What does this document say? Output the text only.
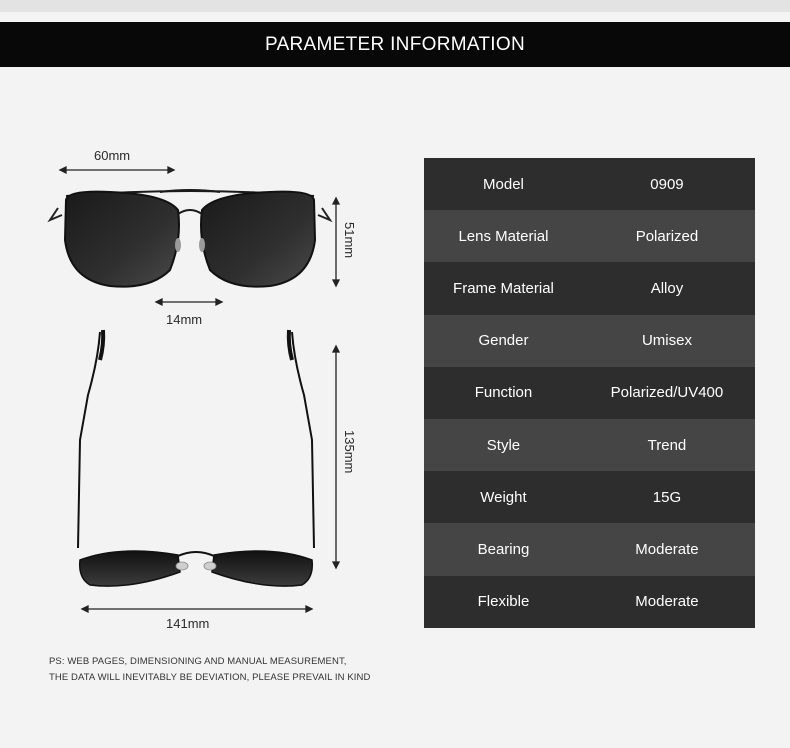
PARAMETER INFORMATION
60mm
51mm
14mm
135mm
141mm
Model	0909
Lens Material	Polarized
Frame Material	Alloy
Gender	Umisex
Function	Polarized/UV400
Style	Trend
Weight	15G
Bearing	Moderate
Flexible	Moderate
PS: WEB PAGES, DIMENSIONING AND MANUAL MEASUREMENT,
THE DATA WILL INEVITABLY BE DEVIATION, PLEASE PREVAIL IN KIND
